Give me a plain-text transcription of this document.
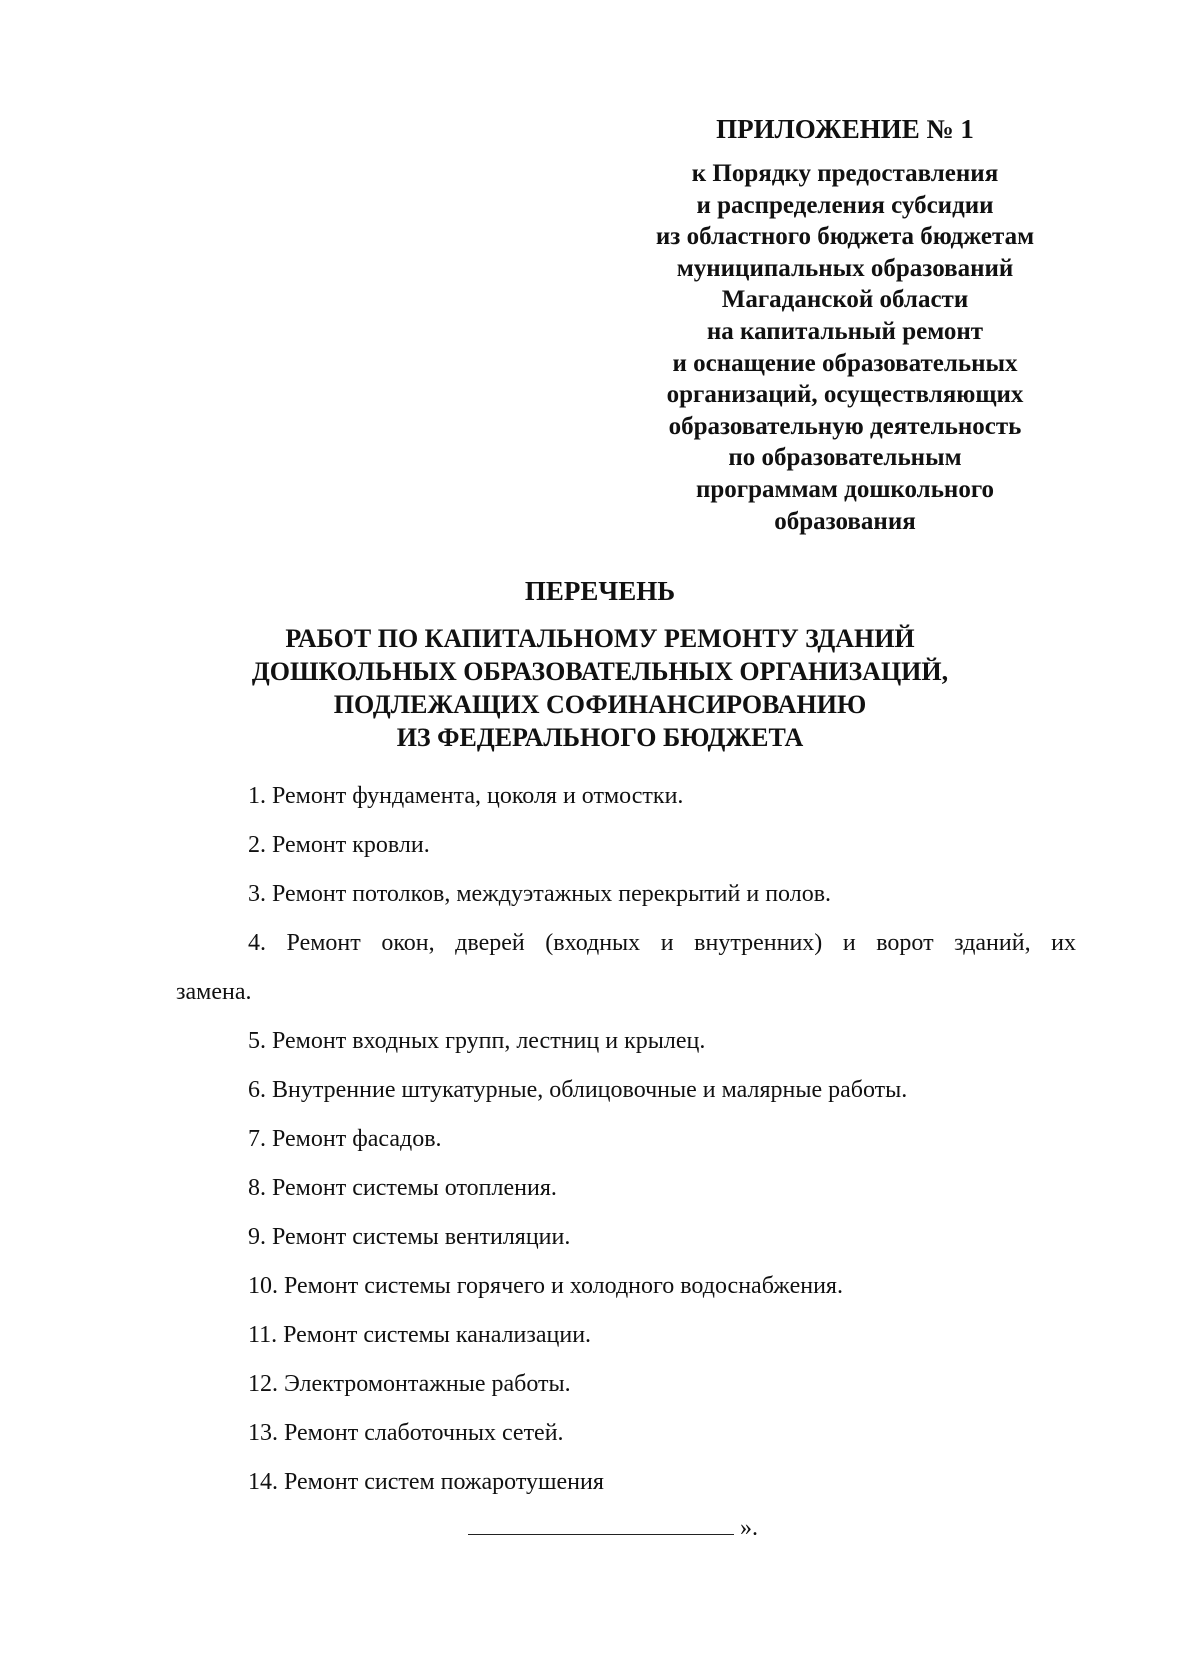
ПРИЛОЖЕНИЕ № 1
к Порядку предоставления
и распределения субсидии
из областного бюджета бюджетам
муниципальных образований
Магаданской области
на капитальный ремонт
и оснащение образовательных
организаций, осуществляющих
образовательную деятельность
по образовательным
программам дошкольного
образования
ПЕРЕЧЕНЬ
РАБОТ ПО КАПИТАЛЬНОМУ РЕМОНТУ ЗДАНИЙ
ДОШКОЛЬНЫХ ОБРАЗОВАТЕЛЬНЫХ ОРГАНИЗАЦИЙ,
ПОДЛЕЖАЩИХ СОФИНАНСИРОВАНИЮ
ИЗ ФЕДЕРАЛЬНОГО БЮДЖЕТА
1. Ремонт фундамента, цоколя и отмостки.
2. Ремонт кровли.
3. Ремонт потолков, междуэтажных перекрытий и полов.
4. Ремонт окон, дверей (входных и внутренних) и ворот зданий, их
замена.
5. Ремонт входных групп, лестниц и крылец.
6. Внутренние штукатурные, облицовочные и малярные работы.
7. Ремонт фасадов.
8. Ремонт системы отопления.
9. Ремонт системы вентиляции.
10. Ремонт системы горячего и холодного водоснабжения.
11. Ремонт системы канализации.
12. Электромонтажные работы.
13. Ремонт слаботочных сетей.
14. Ремонт систем пожаротушения
».
